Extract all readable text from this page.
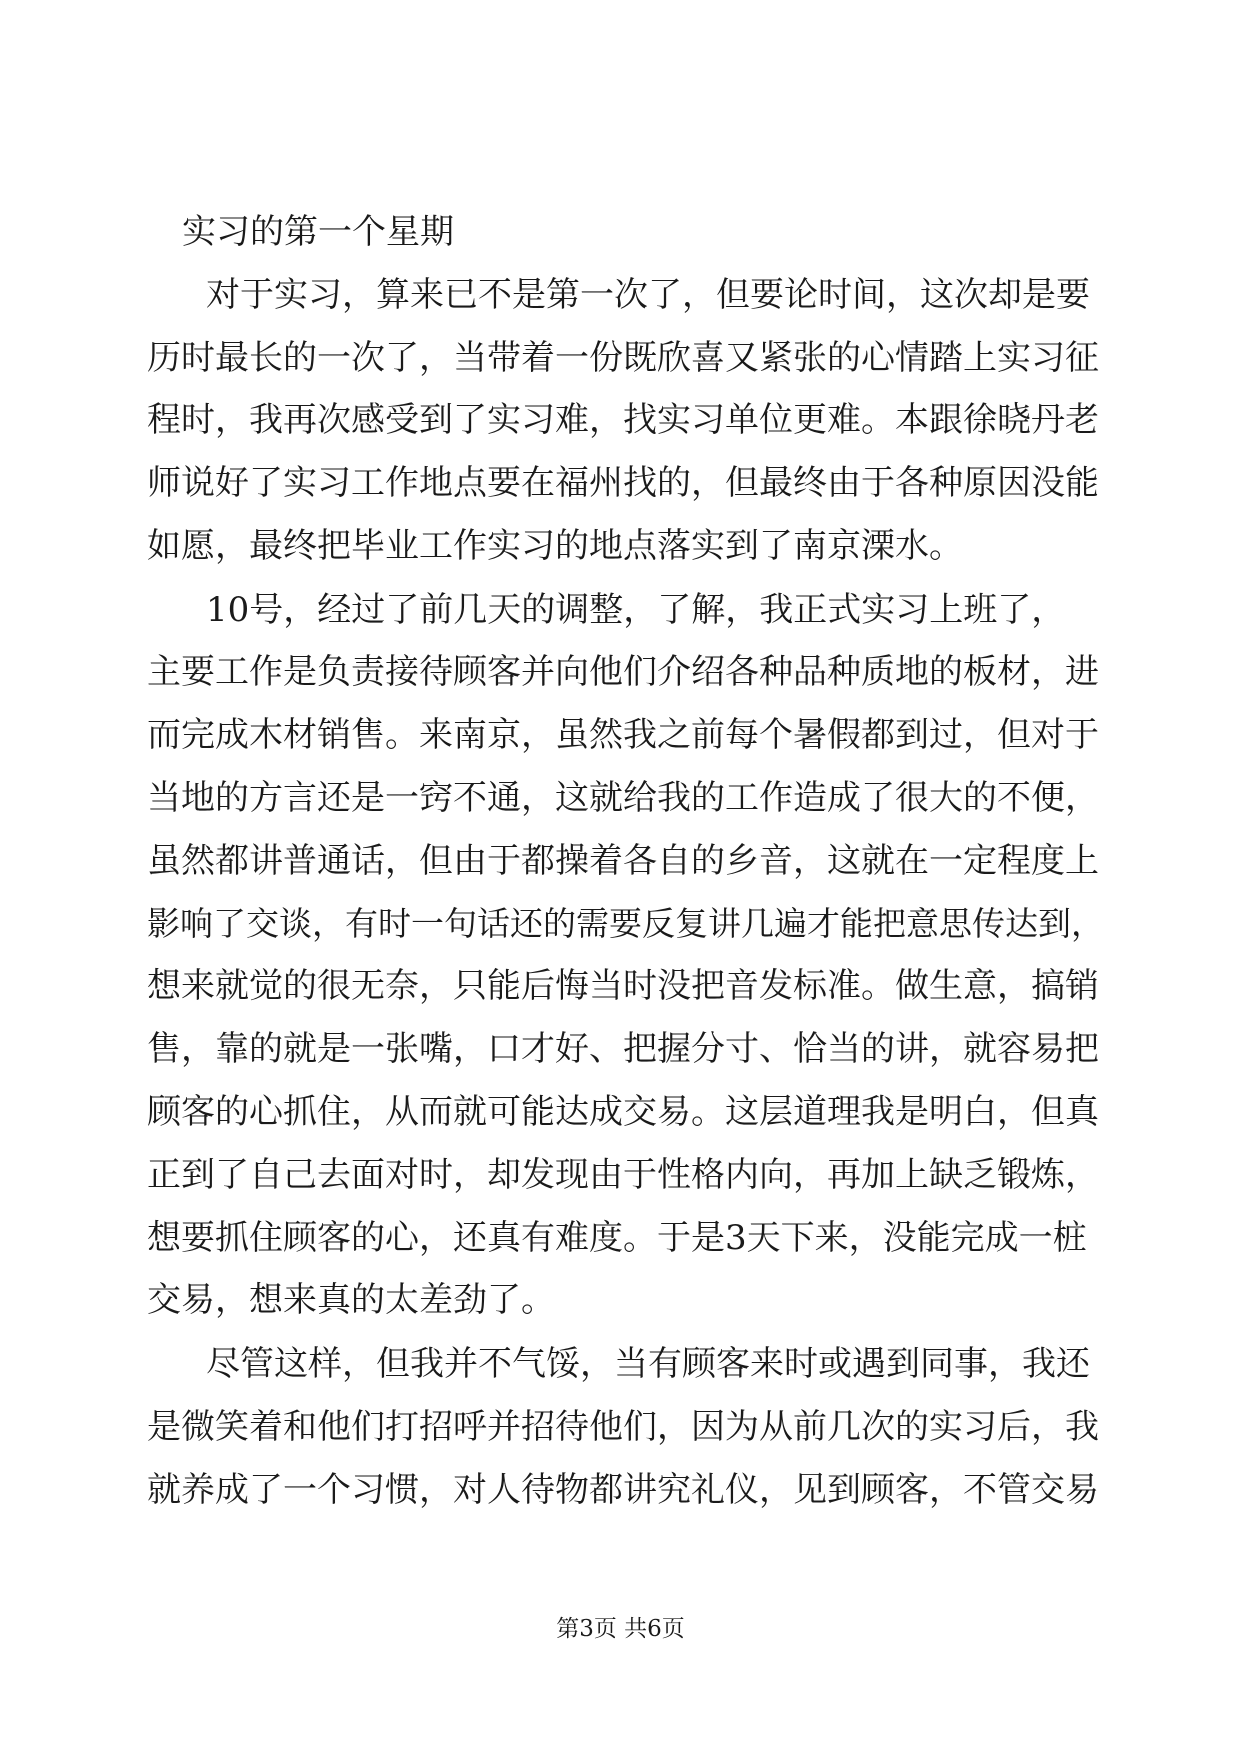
实习的第一个星期
对于实习，算来已不是第一次了，但要论时间，这次却是要
历时最长的一次了，当带着一份既欣喜又紧张的心情踏上实习征
程时，我再次感受到了实习难，找实习单位更难。本跟徐晓丹老
师说好了实习工作地点要在福州找的，但最终由于各种原因没能
如愿，最终把毕业工作实习的地点落实到了南京溧水。
10号，经过了前几天的调整，了解，我正式实习上班了，
主要工作是负责接待顾客并向他们介绍各种品种质地的板材，进
而完成木材销售。来南京，虽然我之前每个暑假都到过，但对于
当地的方言还是一窍不通，这就给我的工作造成了很大的不便，
虽然都讲普通话，但由于都操着各自的乡音，这就在一定程度上
影响了交谈，有时一句话还的需要反复讲几遍才能把意思传达到，
想来就觉的很无奈，只能后悔当时没把音发标准。做生意，搞销
售，靠的就是一张嘴，口才好、把握分寸、恰当的讲，就容易把
顾客的心抓住，从而就可能达成交易。这层道理我是明白，但真
正到了自己去面对时，却发现由于性格内向，再加上缺乏锻炼，
想要抓住顾客的心，还真有难度。于是3天下来，没能完成一桩
交易，想来真的太差劲了。
尽管这样，但我并不气馁，当有顾客来时或遇到同事，我还
是微笑着和他们打招呼并招待他们，因为从前几次的实习后，我
就养成了一个习惯，对人待物都讲究礼仪，见到顾客，不管交易
第3页 共6页
